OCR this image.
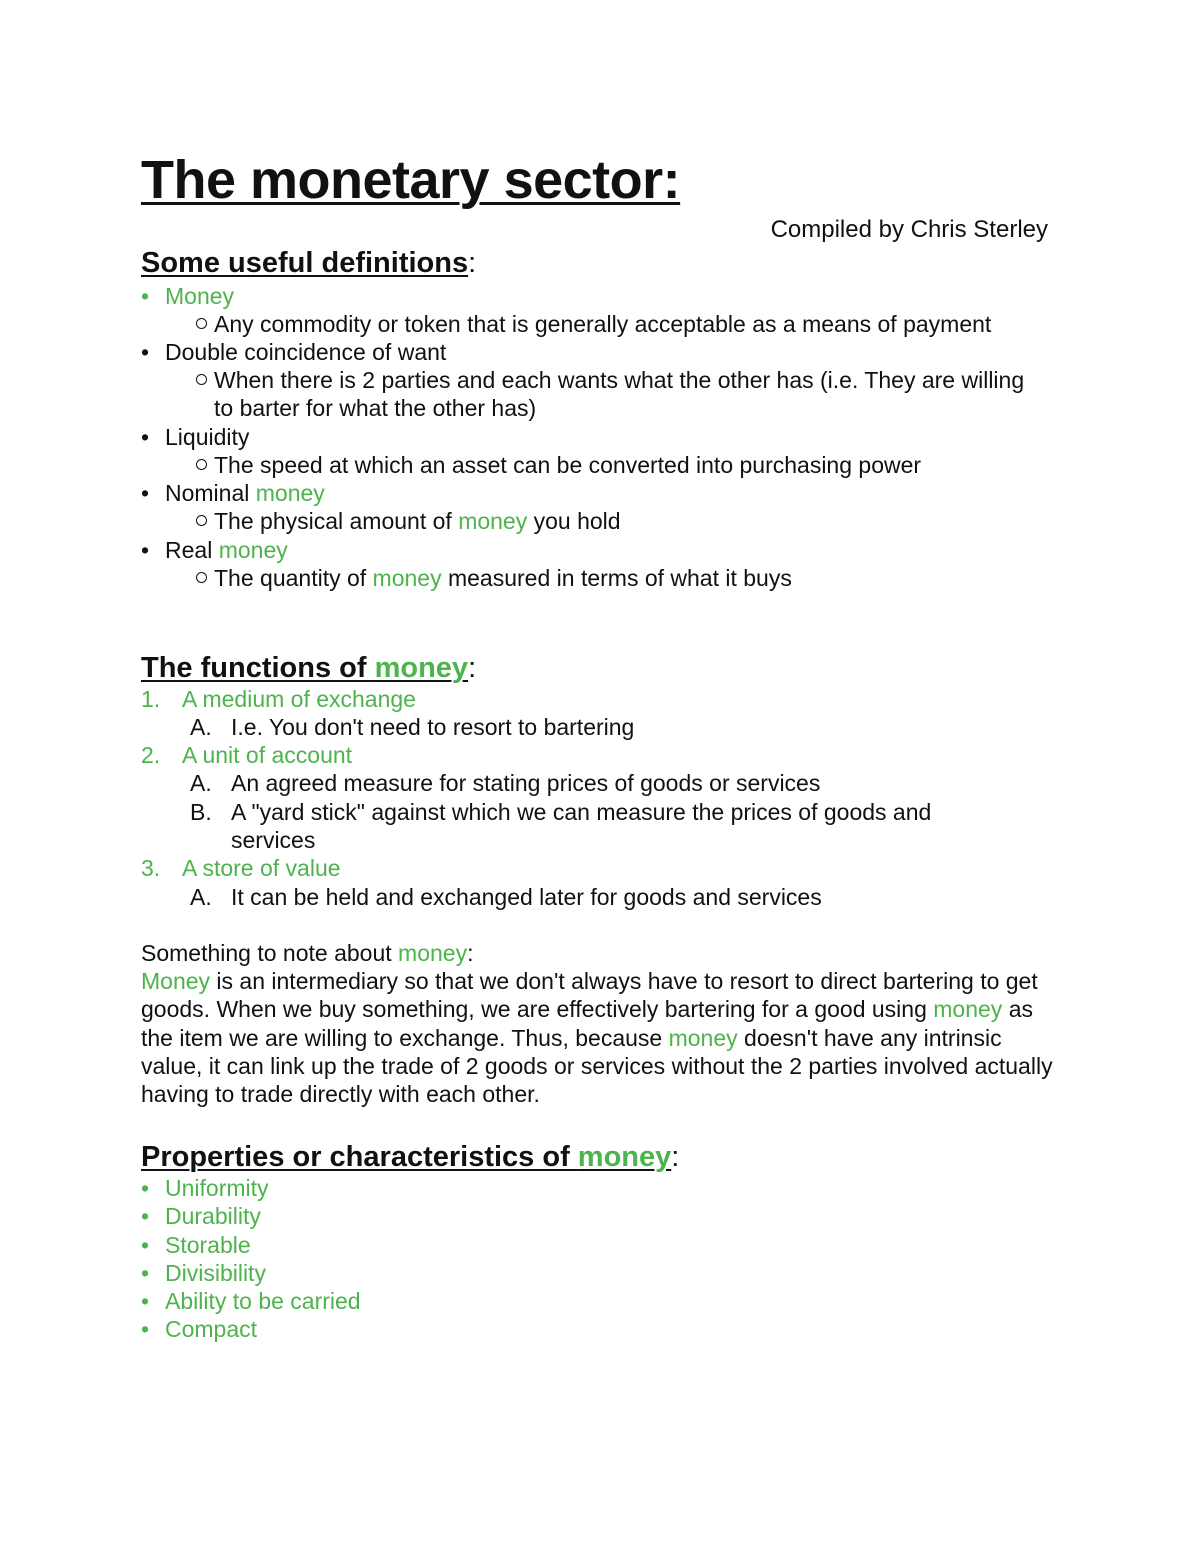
The monetary sector:
Compiled by Chris Sterley
Some useful definitions:
• Money
Any commodity or token that is generally acceptable as a means of payment
• Double coincidence of want
When there is 2 parties and each wants what the other has (i.e. They are willing
to barter for what the other has)
• Liquidity
The speed at which an asset can be converted into purchasing power
• Nominal money
The physical amount of money you hold
• Real money
The quantity of money measured in terms of what it buys
The functions of money:
1. A medium of exchange
A. I.e. You don't need to resort to bartering
2. A unit of account
A. An agreed measure for stating prices of goods or services
B. A "yard stick" against which we can measure the prices of goods and
services
3. A store of value
A. It can be held and exchanged later for goods and services
Something to note about money:

Money is an intermediary so that we don't always have to resort to direct bartering to get goods. When we buy something, we are effectively bartering for a good using money as the item we are willing to exchange. Thus, because money doesn't have any intrinsic value, it can link up the trade of 2 goods or services without the 2 parties involved actually having to trade directly with each other.

Properties or characteristics of money:
• Uniformity
• Durability
• Storable
• Divisibility
• Ability to be carried
• Compact
